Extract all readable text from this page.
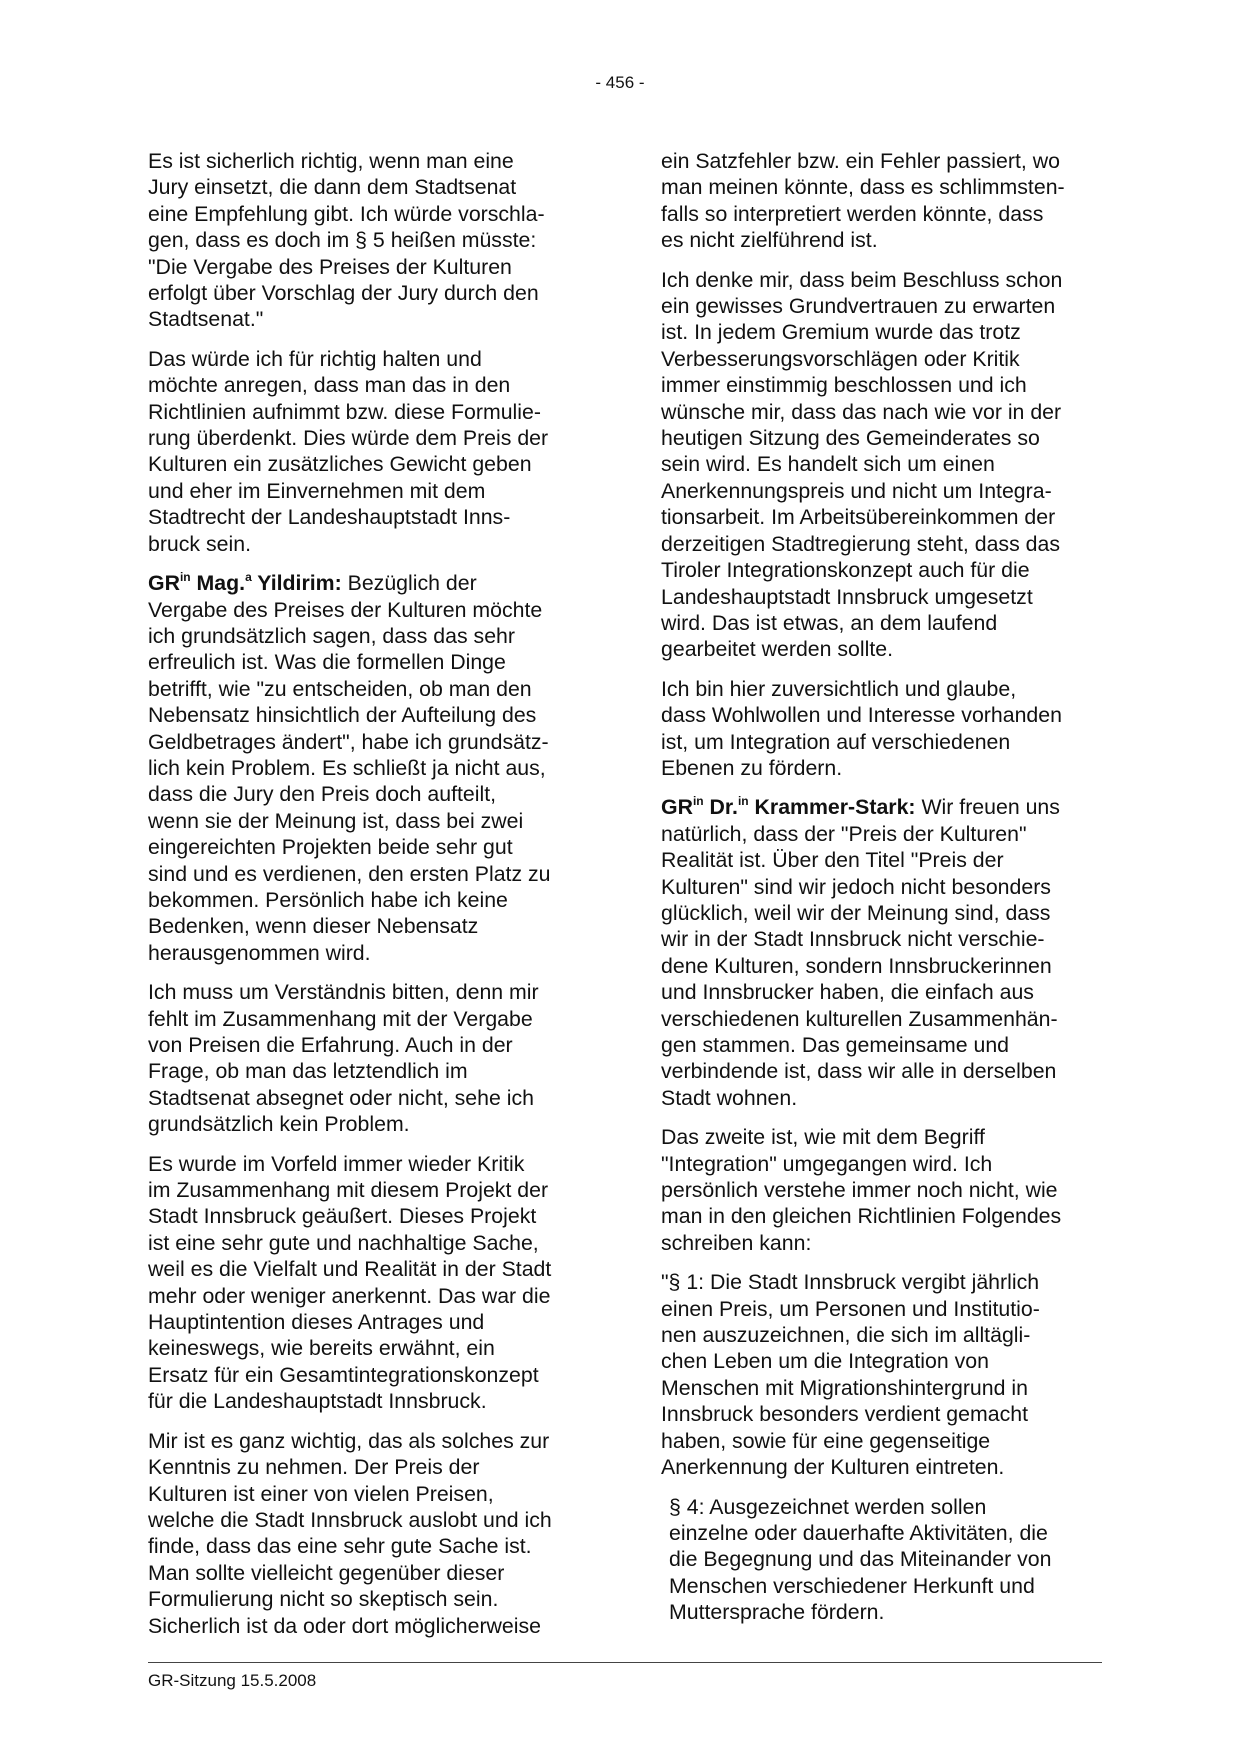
- 456 -

Es ist sicherlich richtig, wenn man eine
Jury einsetzt, die dann dem Stadtsenat
eine Empfehlung gibt. Ich würde vorschla-
gen, dass es doch im § 5 heißen müsste:
"Die Vergabe des Preises der Kulturen
erfolgt über Vorschlag der Jury durch den
Stadtsenat."

Das würde ich für richtig halten und
möchte anregen, dass man das in den
Richtlinien aufnimmt bzw. diese Formulie-
rung überdenkt. Dies würde dem Preis der
Kulturen ein zusätzliches Gewicht geben
und eher im Einvernehmen mit dem
Stadtrecht der Landeshauptstadt Inns-
bruck sein.

$GR^{in}$ Mag.$^a$ Yildirim: Bezüglich der
Vergabe des Preises der Kulturen möchte
ich grundsätzlich sagen, dass das sehr
erfreulich ist. Was die formellen Dinge
betrifft, wie "zu entscheiden, ob man den
Nebensatz hinsichtlich der Aufteilung des
Geldbetrages ändert", habe ich grundsätz-
lich kein Problem. Es schließt ja nicht aus,
dass die Jury den Preis doch aufteilt,
wenn sie der Meinung ist, dass bei zwei
eingereichten Projekten beide sehr gut
sind und es verdienen, den ersten Platz zu
bekommen. Persönlich habe ich keine
Bedenken, wenn dieser Nebensatz
herausgenommen wird.

Ich muss um Verständnis bitten, denn mir
fehlt im Zusammenhang mit der Vergabe
von Preisen die Erfahrung. Auch in der
Frage, ob man das letztendlich im
Stadtsenat absegnet oder nicht, sehe ich
grundsätzlich kein Problem.

Es wurde im Vorfeld immer wieder Kritik
im Zusammenhang mit diesem Projekt der
Stadt Innsbruck geäußert. Dieses Projekt
ist eine sehr gute und nachhaltige Sache,
weil es die Vielfalt und Realität in der Stadt
mehr oder weniger anerkennt. Das war die
Hauptintention dieses Antrages und
keineswegs, wie bereits erwähnt, ein
Ersatz für ein Gesamtintegrationskonzept
für die Landeshauptstadt Innsbruck.

Mir ist es ganz wichtig, das als solches zur
Kenntnis zu nehmen. Der Preis der
Kulturen ist einer von vielen Preisen,
welche die Stadt Innsbruck auslobt und ich
finde, dass das eine sehr gute Sache ist.
Man sollte vielleicht gegenüber dieser
Formulierung nicht so skeptisch sein.
Sicherlich ist da oder dort möglicherweise

ein Satzfehler bzw. ein Fehler passiert, wo
man meinen könnte, dass es schlimmsten-
falls so interpretiert werden könnte, dass
es nicht zielführend ist.

Ich denke mir, dass beim Beschluss schon
ein gewisses Grundvertrauen zu erwarten
ist. In jedem Gremium wurde das trotz
Verbesserungsvorschlägen oder Kritik
immer einstimmig beschlossen und ich
wünsche mir, dass das nach wie vor in der
heutigen Sitzung des Gemeinderates so
sein wird. Es handelt sich um einen
Anerkennungspreis und nicht um Integra-
tionsarbeit. Im Arbeitsübereinkommen der
derzeitigen Stadtregierung steht, dass das
Tiroler Integrationskonzept auch für die
Landeshauptstadt Innsbruck umgesetzt
wird. Das ist etwas, an dem laufend
gearbeitet werden sollte.

Ich bin hier zuversichtlich und glaube,
dass Wohlwollen und Interesse vorhanden
ist, um Integration auf verschiedenen
Ebenen zu fördern.

$GR^{in}$ Dr.$^{in}$ Krammer-Stark: Wir freuen uns
natürlich, dass der "Preis der Kulturen"
Realität ist. Über den Titel "Preis der
Kulturen" sind wir jedoch nicht besonders
glücklich, weil wir der Meinung sind, dass
wir in der Stadt Innsbruck nicht verschie-
dene Kulturen, sondern Innsbruckerinnen
und Innsbrucker haben, die einfach aus
verschiedenen kulturellen Zusammenhän-
gen stammen. Das gemeinsame und
verbindende ist, dass wir alle in derselben
Stadt wohnen.

Das zweite ist, wie mit dem Begriff
"Integration" umgegangen wird. Ich
persönlich verstehe immer noch nicht, wie
man in den gleichen Richtlinien Folgendes
schreiben kann:

"§ 1: Die Stadt Innsbruck vergibt jährlich
einen Preis, um Personen und Institutio-
nen auszuzeichnen, die sich im alltägli-
chen Leben um die Integration von
Menschen mit Migrationshintergrund in
Innsbruck besonders verdient gemacht
haben, sowie für eine gegenseitige
Anerkennung der Kulturen eintreten.

§ 4: Ausgezeichnet werden sollen
einzelne oder dauerhafte Aktivitäten, die
die Begegnung und das Miteinander von
Menschen verschiedener Herkunft und
Muttersprache fördern.

GR-Sitzung 15.5.2008
